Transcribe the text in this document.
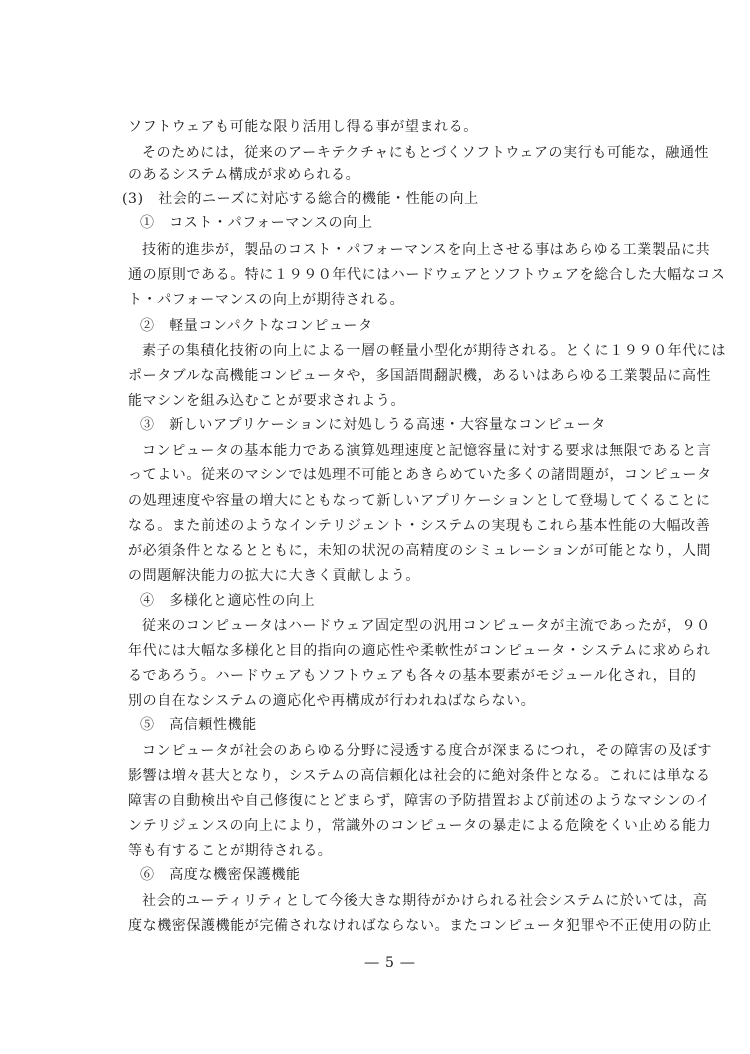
ソフトウェアも可能な限り活用し得る事が望まれる。
そのためには，従来のアーキテクチャにもとづくソフトウェアの実行も可能な，融通性
のあるシステム構成が求められる。
(3)　社会的ニーズに対応する総合的機能・性能の向上
①　コスト・パフォーマンスの向上
技術的進歩が，製品のコスト・パフォーマンスを向上させる事はあらゆる工業製品に共
通の原則である。特に１９９０年代にはハードウェアとソフトウェアを総合した大幅なコス
ト・パフォーマンスの向上が期待される。
②　軽量コンパクトなコンピュータ
素子の集積化技術の向上による一層の軽量小型化が期待される。とくに１９９０年代には
ポータブルな高機能コンピュータや，多国語間翻訳機，あるいはあらゆる工業製品に高性
能マシンを組み込むことが要求されよう。
③　新しいアプリケーションに対処しうる高速・大容量なコンピュータ
コンピュータの基本能力である演算処理速度と記憶容量に対する要求は無限であると言
ってよい。従来のマシンでは処理不可能とあきらめていた多くの諸問題が，コンピュータ
の処理速度や容量の増大にともなって新しいアプリケーションとして登場してくることに
なる。また前述のようなインテリジェント・システムの実現もこれら基本性能の大幅改善
が必須条件となるとともに，未知の状況の高精度のシミュレーションが可能となり，人間
の問題解決能力の拡大に大きく貢献しよう。
④　多様化と適応性の向上
従来のコンピュータはハードウェア固定型の汎用コンピュータが主流であったが，９０
年代には大幅な多様化と目的指向の適応性や柔軟性がコンピュータ・システムに求められ
るであろう。ハードウェアもソフトウェアも各々の基本要素がモジュール化され，目的
別の自在なシステムの適応化や再構成が行われねばならない。
⑤　高信頼性機能
コンピュータが社会のあらゆる分野に浸透する度合が深まるにつれ，その障害の及ぼす
影響は増々甚大となり，システムの高信頼化は社会的に絶対条件となる。これには単なる
障害の自動検出や自己修復にとどまらず，障害の予防措置および前述のようなマシンのイ
ンテリジェンスの向上により，常識外のコンピュータの暴走による危険をくい止める能力
等も有することが期待される。
⑥　高度な機密保護機能
社会的ユーティリティとして今後大きな期待がかけられる社会システムに於いては，高
度な機密保護機能が完備されなければならない。またコンピュータ犯罪や不正使用の防止
― 5 ―
